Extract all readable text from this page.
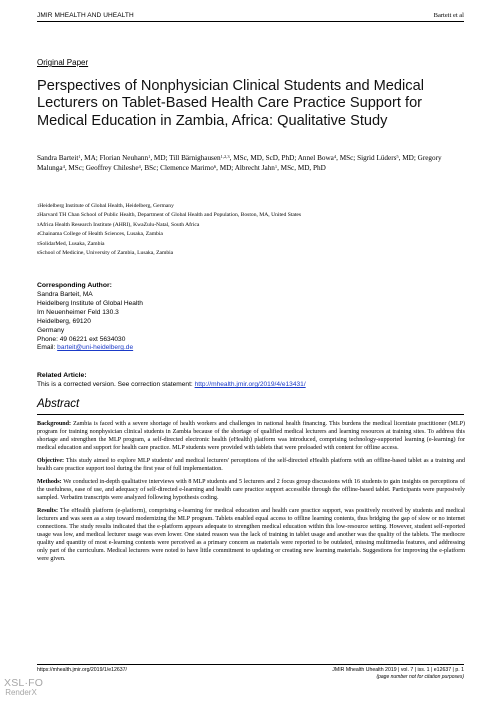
JMIR MHEALTH AND UHEALTH	Barteit et al
Original Paper
Perspectives of Nonphysician Clinical Students and Medical Lecturers on Tablet-Based Health Care Practice Support for Medical Education in Zambia, Africa: Qualitative Study
Sandra Barteit$^1$, MA; Florian Neuhann$^1$, MD; Till Bärnighausen$^{1,2,3}$, MSc, MD, ScD, PhD; Annel Bowa$^4$, MSc; Sigrid Lüders$^5$, MD; Gregory Malunga$^4$, MSc; Geoffrey Chileshe$^4$, BSc; Clemence Marimo$^6$, MD; Albrecht Jahn$^1$, MSc, MD, PhD
$^1$Heidelberg Institute of Global Health, Heidelberg, Germany
$^2$Harvard TH Chan School of Public Health, Department of Global Health and Population, Boston, MA, United States
$^3$Africa Health Research Institute (AHRI), KwaZulu-Natal, South Africa
$^4$Chainama College of Health Sciences, Lusaka, Zambia
$^5$SolidarMed, Lusaka, Zambia
$^6$School of Medicine, University of Zambia, Lusaka, Zambia
Corresponding Author:
Sandra Barteit, MA
Heidelberg Institute of Global Health
Im Neuenheimer Feld 130.3
Heidelberg, 69120
Germany
Phone: 49 06221 ext 5634030
Email: barteit@uni-heidelberg.de
Related Article:
This is a corrected version. See correction statement: http://mhealth.jmir.org/2019/4/e13431/
Abstract

Background: Zambia is faced with a severe shortage of health workers and challenges in national health financing. This burdens the medical licentiate practitioner (MLP) program for training nonphysician clinical students in Zambia because of the shortage of qualified medical lecturers and learning resources at training sites. To address this shortage and strengthen the MLP program, a self-directed electronic health (eHealth) platform was introduced, comprising technology-supported learning (e-learning) for medical education and support for health care practice. MLP students were provided with tablets that were preloaded with content for offline access.

Objective: This study aimed to explore MLP students' and medical lecturers' perceptions of the self-directed eHealth platform with an offline-based tablet as a training and health care practice support tool during the first year of full implementation.

Methods: We conducted in-depth qualitative interviews with 8 MLP students and 5 lecturers and 2 focus group discussions with 16 students to gain insights on perceptions of the usefulness, ease of use, and adequacy of self-directed e-learning and health care practice support accessible through the offline-based tablet. Participants were purposively sampled. Verbatim transcripts were analyzed following hypothesis coding.

Results: The eHealth platform (e-platform), comprising e-learning for medical education and health care practice support, was positively received by students and medical lecturers and was seen as a step toward modernizing the MLP program. Tablets enabled equal access to offline learning contents, thus bridging the gap of slow or no internet connections. The study results indicated that the e-platform appears adequate to strengthen medical education within this low-resource setting. However, student self-reported usage was low, and medical lecturer usage was even lower. One stated reason was the lack of training in tablet usage and another was the quality of the tablets. The mediocre quality and quantity of most e-learning contents were perceived as a primary concern as materials were reported to be outdated, missing multimedia features, and addressing only part of the curriculum. Medical lecturers were noted to have little commitment to updating or creating new learning materials. Suggestions for improving the e-platform were given.

https://mhealth.jmir.org/2019/1/e12637/	JMIR Mhealth Uhealth 2019 | vol. 7 | iss. 1 | e12637 | p. 1
(page number not for citation purposes)
XSL·FO
RenderX
